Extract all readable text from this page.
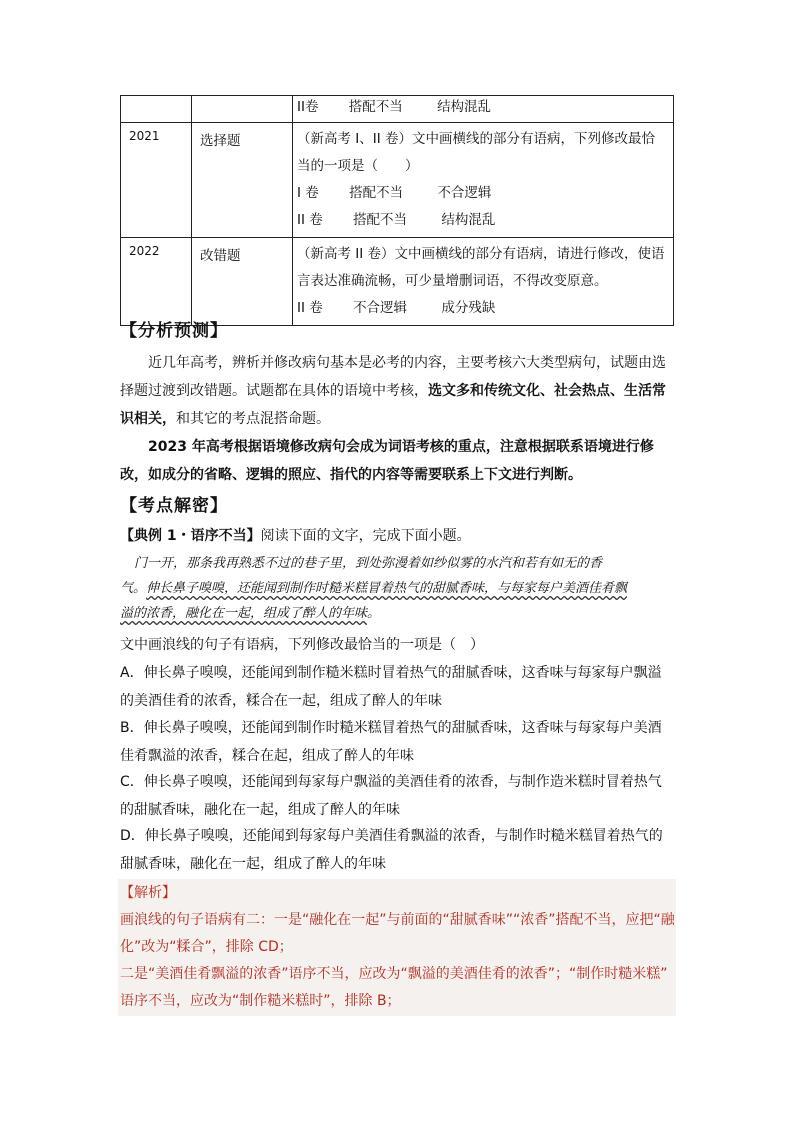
		II卷 搭配不当 结构混乱

2021	选择题	（新高考 I、II 卷）文中画横线的部分有语病，下列修改最恰
当的一项是（　　）
I 卷 搭配不当 不合逻辑
II 卷 搭配不当 结构混乱

2022	改错题	（新高考 II 卷）文中画横线的部分有语病，请进行修改，使语
言表达准确流畅，可少量增删词语，不得改变原意。
II 卷 不合逻辑 成分残缺
【分析预测】
近几年高考，辨析并修改病句基本是必考的内容，主要考核六大类型病句，试题由选择题过渡到改错题。试题都在具体的语境中考核，选文多和传统文化、社会热点、生活常识相关，和其它的考点混搭命题。
2023 年高考根据语境修改病句会成为词语考核的重点，注意根据联系语境进行修改，如成分的省略、逻辑的照应、指代的内容等需要联系上下文进行判断。
【考点解密】
【典例 1・语序不当】阅读下面的文字，完成下面小题。
门一开，那条我再熟悉不过的巷子里，到处弥漫着如纱似雾的水汽和若有如无的香
气。伸长鼻子嗅嗅，还能闻到制作时糙米糕冒着热气的甜腻香味，与每家每户美酒佳肴飘
溢的浓香，融化在一起，组成了醉人的年味。
文中画浪线的句子有语病，下列修改最恰当的一项是（　）
A．伸长鼻子嗅嗅，还能闻到制作糙米糕时冒着热气的甜腻香味，这香味与每家每户飘溢
的美酒佳肴的浓香，糅合在一起，组成了醉人的年味
B．伸长鼻子嗅嗅，还能闻到制作时糙米糕冒着热气的甜腻香味，这香味与每家每户美酒
佳肴飘溢的浓香，糅合在起，组成了醉人的年味
C．伸长鼻子嗅嗅，还能闻到每家每户飘溢的美酒佳肴的浓香，与制作造米糕时冒着热气
的甜腻香味，融化在一起，组成了醉人的年味
D．伸长鼻子嗅嗅，还能闻到每家每户美酒佳肴飘溢的浓香，与制作时糙米糕冒着热气的
甜腻香味，融化在一起，组成了醉人的年味
【解析】
画浪线的句子语病有二：一是“融化在一起”与前面的“甜腻香味”“浓香”搭配不当，应把“融
化”改为“糅合”，排除 CD；
二是“美酒佳肴飘溢的浓香”语序不当，应改为“飘溢的美酒佳肴的浓香”；“制作时糙米糕”
语序不当，应改为“制作糙米糕时”，排除 B；
